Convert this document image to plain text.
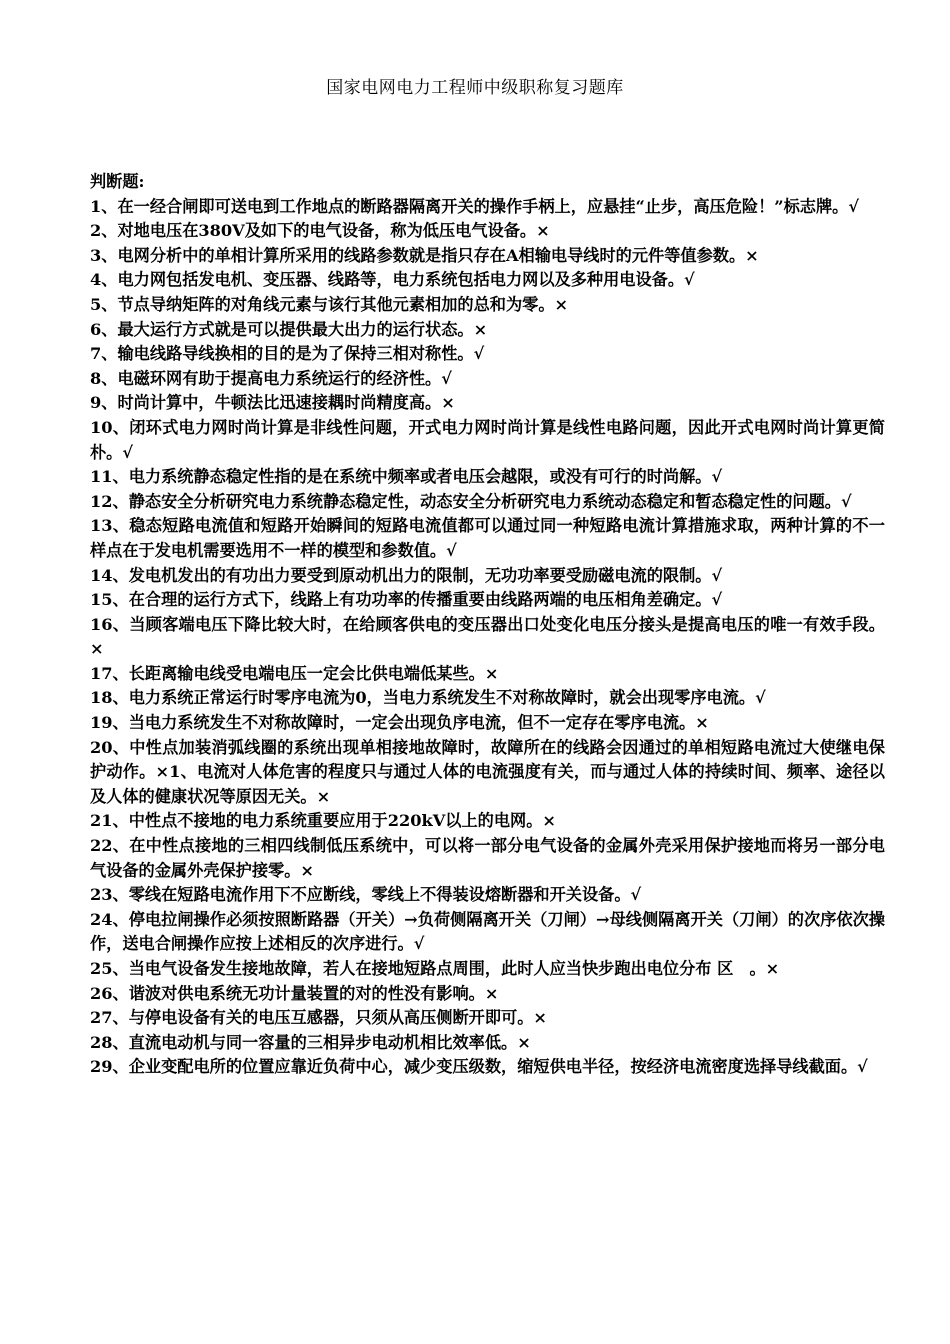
国家电网电力工程师中级职称复习题库

判断题:

1、在一经合闸即可送电到工作地点的断路器隔离开关的操作手柄上，应悬挂“止步，高压危险！”标志牌。√
2、对地电压在380V及如下的电气设备，称为低压电气设备。×
3、电网分析中的单相计算所采用的线路参数就是指只存在A相输电导线时的元件等值参数。×
4、电力网包括发电机、变压器、线路等，电力系统包括电力网以及多种用电设备。√
5、节点导纳矩阵的对角线元素与该行其他元素相加的总和为零。×
6、最大运行方式就是可以提供最大出力的运行状态。×
7、输电线路导线换相的目的是为了保持三相对称性。√
8、电磁环网有助于提高电力系统运行的经济性。√
9、时尚计算中，牛顿法比迅速接耦时尚精度高。×
10、闭环式电力网时尚计算是非线性问题，开式电力网时尚计算是线性电路问题，因此开式电网时尚计算更简朴。√
11、电力系统静态稳定性指的是在系统中频率或者电压会越限，或没有可行的时尚解。√
12、静态安全分析研究电力系统静态稳定性，动态安全分析研究电力系统动态稳定和暂态稳定性的问题。√
13、稳态短路电流值和短路开始瞬间的短路电流值都可以通过同一种短路电流计算措施求取，两种计算的不一样点在于发电机需要选用不一样的模型和参数值。√
14、发电机发出的有功出力要受到原动机出力的限制，无功功率要受励磁电流的限制。√
15、在合理的运行方式下，线路上有功功率的传播重要由线路两端的电压相角差确定。√
16、当顾客端电压下降比较大时，在给顾客供电的变压器出口处变化电压分接头是提高电压的唯一有效手段。×
17、长距离输电线受电端电压一定会比供电端低某些。×
18、电力系统正常运行时零序电流为0，当电力系统发生不对称故障时，就会出现零序电流。√
19、当电力系统发生不对称故障时，一定会出现负序电流，但不一定存在零序电流。×
20、中性点加装消弧线圈的系统出现单相接地故障时，故障所在的线路会因通过的单相短路电流过大使继电保护动作。×1、电流对人体危害的程度只与通过人体的电流强度有关，而与通过人体的持续时间、频率、途径以及人体的健康状况等原因无关。×
21、中性点不接地的电力系统重要应用于220kV以上的电网。×
22、在中性点接地的三相四线制低压系统中，可以将一部分电气设备的金属外壳采用保护接地而将另一部分电气设备的金属外壳保护接零。×
23、零线在短路电流作用下不应断线，零线上不得装设熔断器和开关设备。√
24、停电拉闸操作必须按照断路器（开关）→负荷侧隔离开关（刀闸）→母线侧隔离开关（刀闸）的次序依次操作，送电合闸操作应按上述相反的次序进行。√
25、当电气设备发生接地故障，若人在接地短路点周围，此时人应当快步跑出电位分布 区　。×
26、谐波对供电系统无功计量装置的对的性没有影响。×
27、与停电设备有关的电压互感器，只须从高压侧断开即可。×
28、直流电动机与同一容量的三相异步电动机相比效率低。×
29、企业变配电所的位置应靠近负荷中心，减少变压级数，缩短供电半径，按经济电流密度选择导线截面。√
